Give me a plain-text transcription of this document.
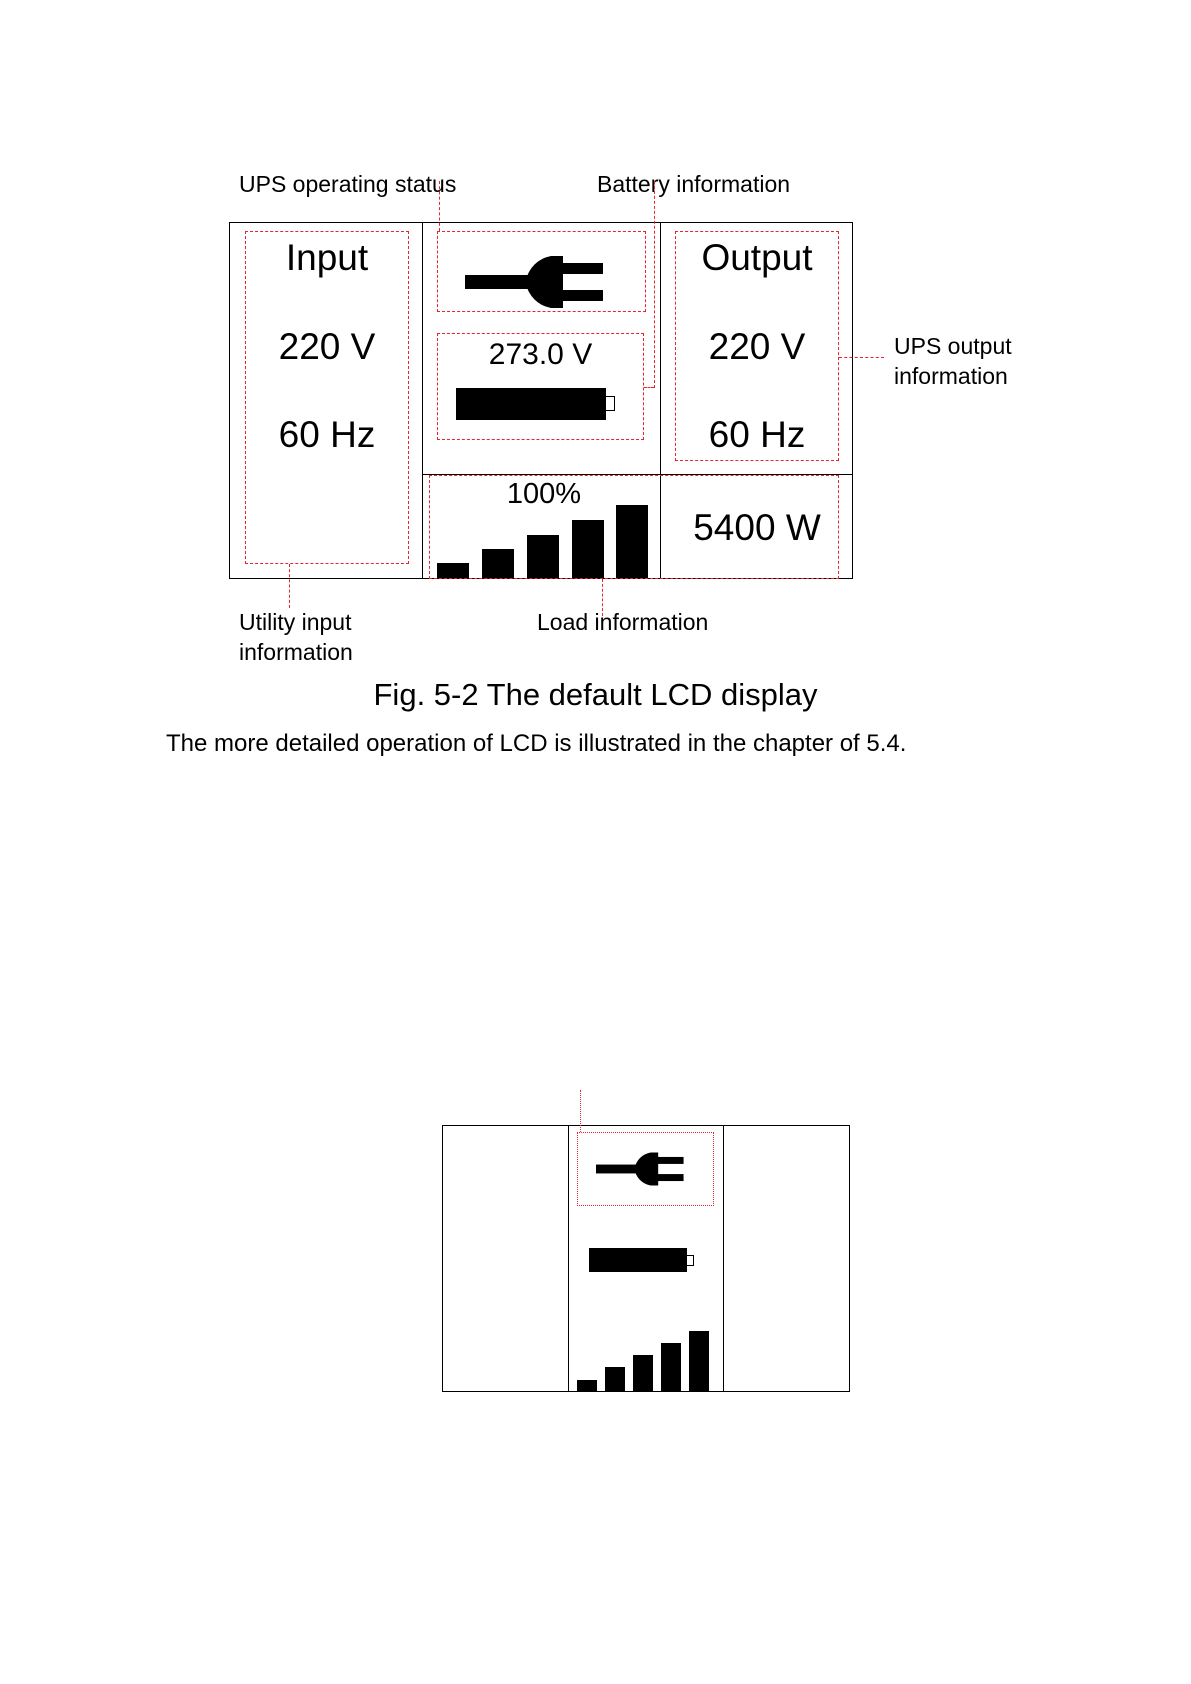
UPS operating status	Battery information
UPS output
information
Utility input
information
Load information
Input
220 V
60 Hz
Output
220 V
60 Hz
5400 W
273.0 V
100%
Fig. 5-2 The default LCD display
The more detailed operation of LCD is illustrated in the chapter of 5.4.
